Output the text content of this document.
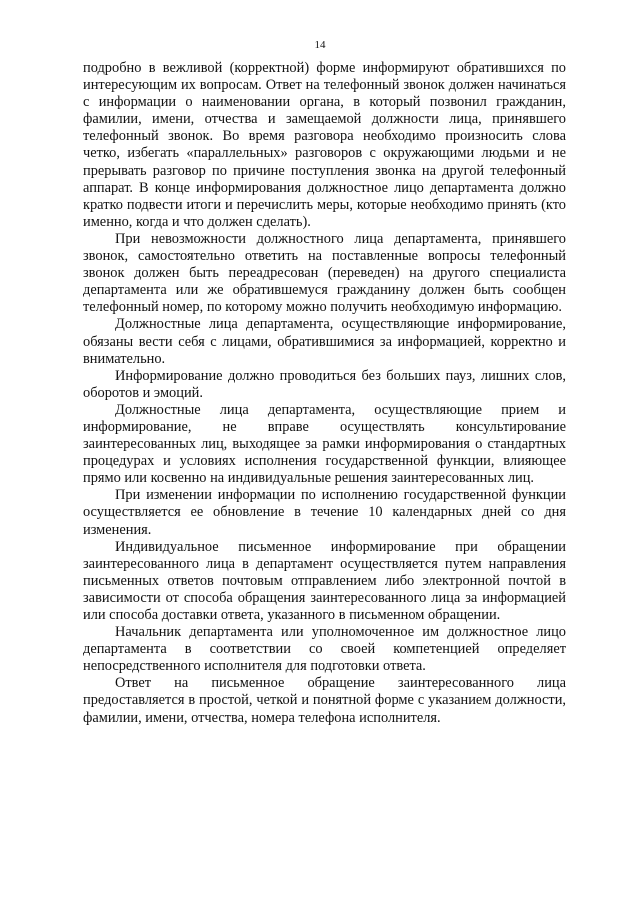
14

подробно в вежливой (корректной) форме информируют обратившихся по интересующим их вопросам. Ответ на телефонный звонок должен начинаться с информации о наименовании органа, в который позвонил гражданин, фамилии, имени, отчества и замещаемой должности лица, принявшего телефонный звонок. Во время разговора необходимо произносить слова четко, избегать «параллельных» разговоров с окружающими людьми и не прерывать разговор по причине поступления звонка на другой телефонный аппарат. В конце информирования должностное лицо департамента должно кратко подвести итоги и перечислить меры, которые необходимо принять (кто именно, когда и что должен сделать).

При невозможности должностного лица департамента, принявшего звонок, самостоятельно ответить на поставленные вопросы телефонный звонок должен быть переадресован (переведен) на другого специалиста департамента или же обратившемуся гражданину должен быть сообщен телефонный номер, по которому можно получить необходимую информацию.

Должностные лица департамента, осуществляющие информирование, обязаны вести себя с лицами, обратившимися за информацией, корректно и внимательно.

Информирование должно проводиться без больших пауз, лишних слов, оборотов и эмоций.

Должностные лица департамента, осуществляющие прием и информирование, не вправе осуществлять консультирование заинтересованных лиц, выходящее за рамки информирования о стандартных процедурах и условиях исполнения государственной функции, влияющее прямо или косвенно на индивидуальные решения заинтересованных лиц.

При изменении информации по исполнению государственной функции осуществляется ее обновление в течение 10 календарных дней со дня изменения.

Индивидуальное письменное информирование при обращении заинтересованного лица в департамент осуществляется путем направления письменных ответов почтовым отправлением либо электронной почтой в зависимости от способа обращения заинтересованного лица за информацией или способа доставки ответа, указанного в письменном обращении.

Начальник департамента или уполномоченное им должностное лицо департамента в соответствии со своей компетенцией определяет непосредственного исполнителя для подготовки ответа.

Ответ на письменное обращение заинтересованного лица предоставляется в простой, четкой и понятной форме с указанием должности, фамилии, имени, отчества, номера телефона исполнителя.
